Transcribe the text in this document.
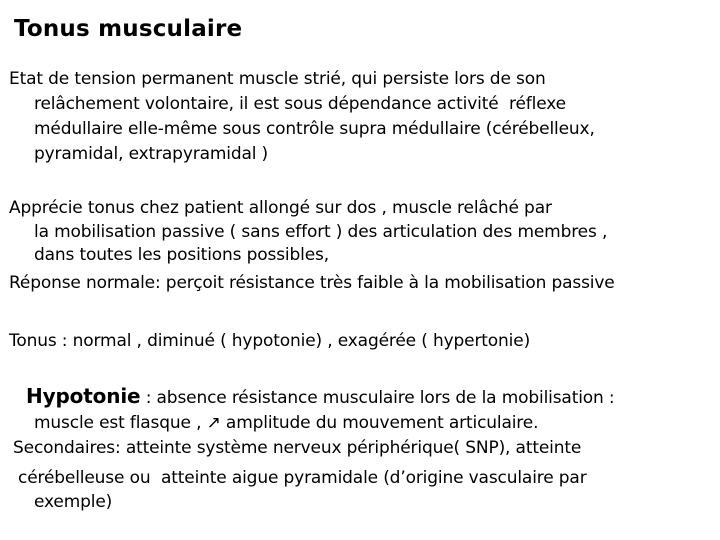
Tonus musculaire
Etat de tension permanent muscle strié, qui persiste lors de son
relâchement volontaire, il est sous dépendance activité  réflexe
médullaire elle-même sous contrôle supra médullaire (cérébelleux,
pyramidal, extrapyramidal )
Apprécie tonus chez patient allongé sur dos , muscle relâché par
la mobilisation passive ( sans effort ) des articulation des membres ,
dans toutes les positions possibles,
Réponse normale: perçoit résistance très faible à la mobilisation passive
Tonus : normal , diminué ( hypotonie) , exagérée ( hypertonie)
Hypotonie : absence résistance musculaire lors de la mobilisation :
muscle est flasque , ↗ amplitude du mouvement articulaire.
Secondaires: atteinte système nerveux périphérique( SNP), atteinte
cérébelleuse ou  atteinte aigue pyramidale (d’origine vasculaire par
exemple)
